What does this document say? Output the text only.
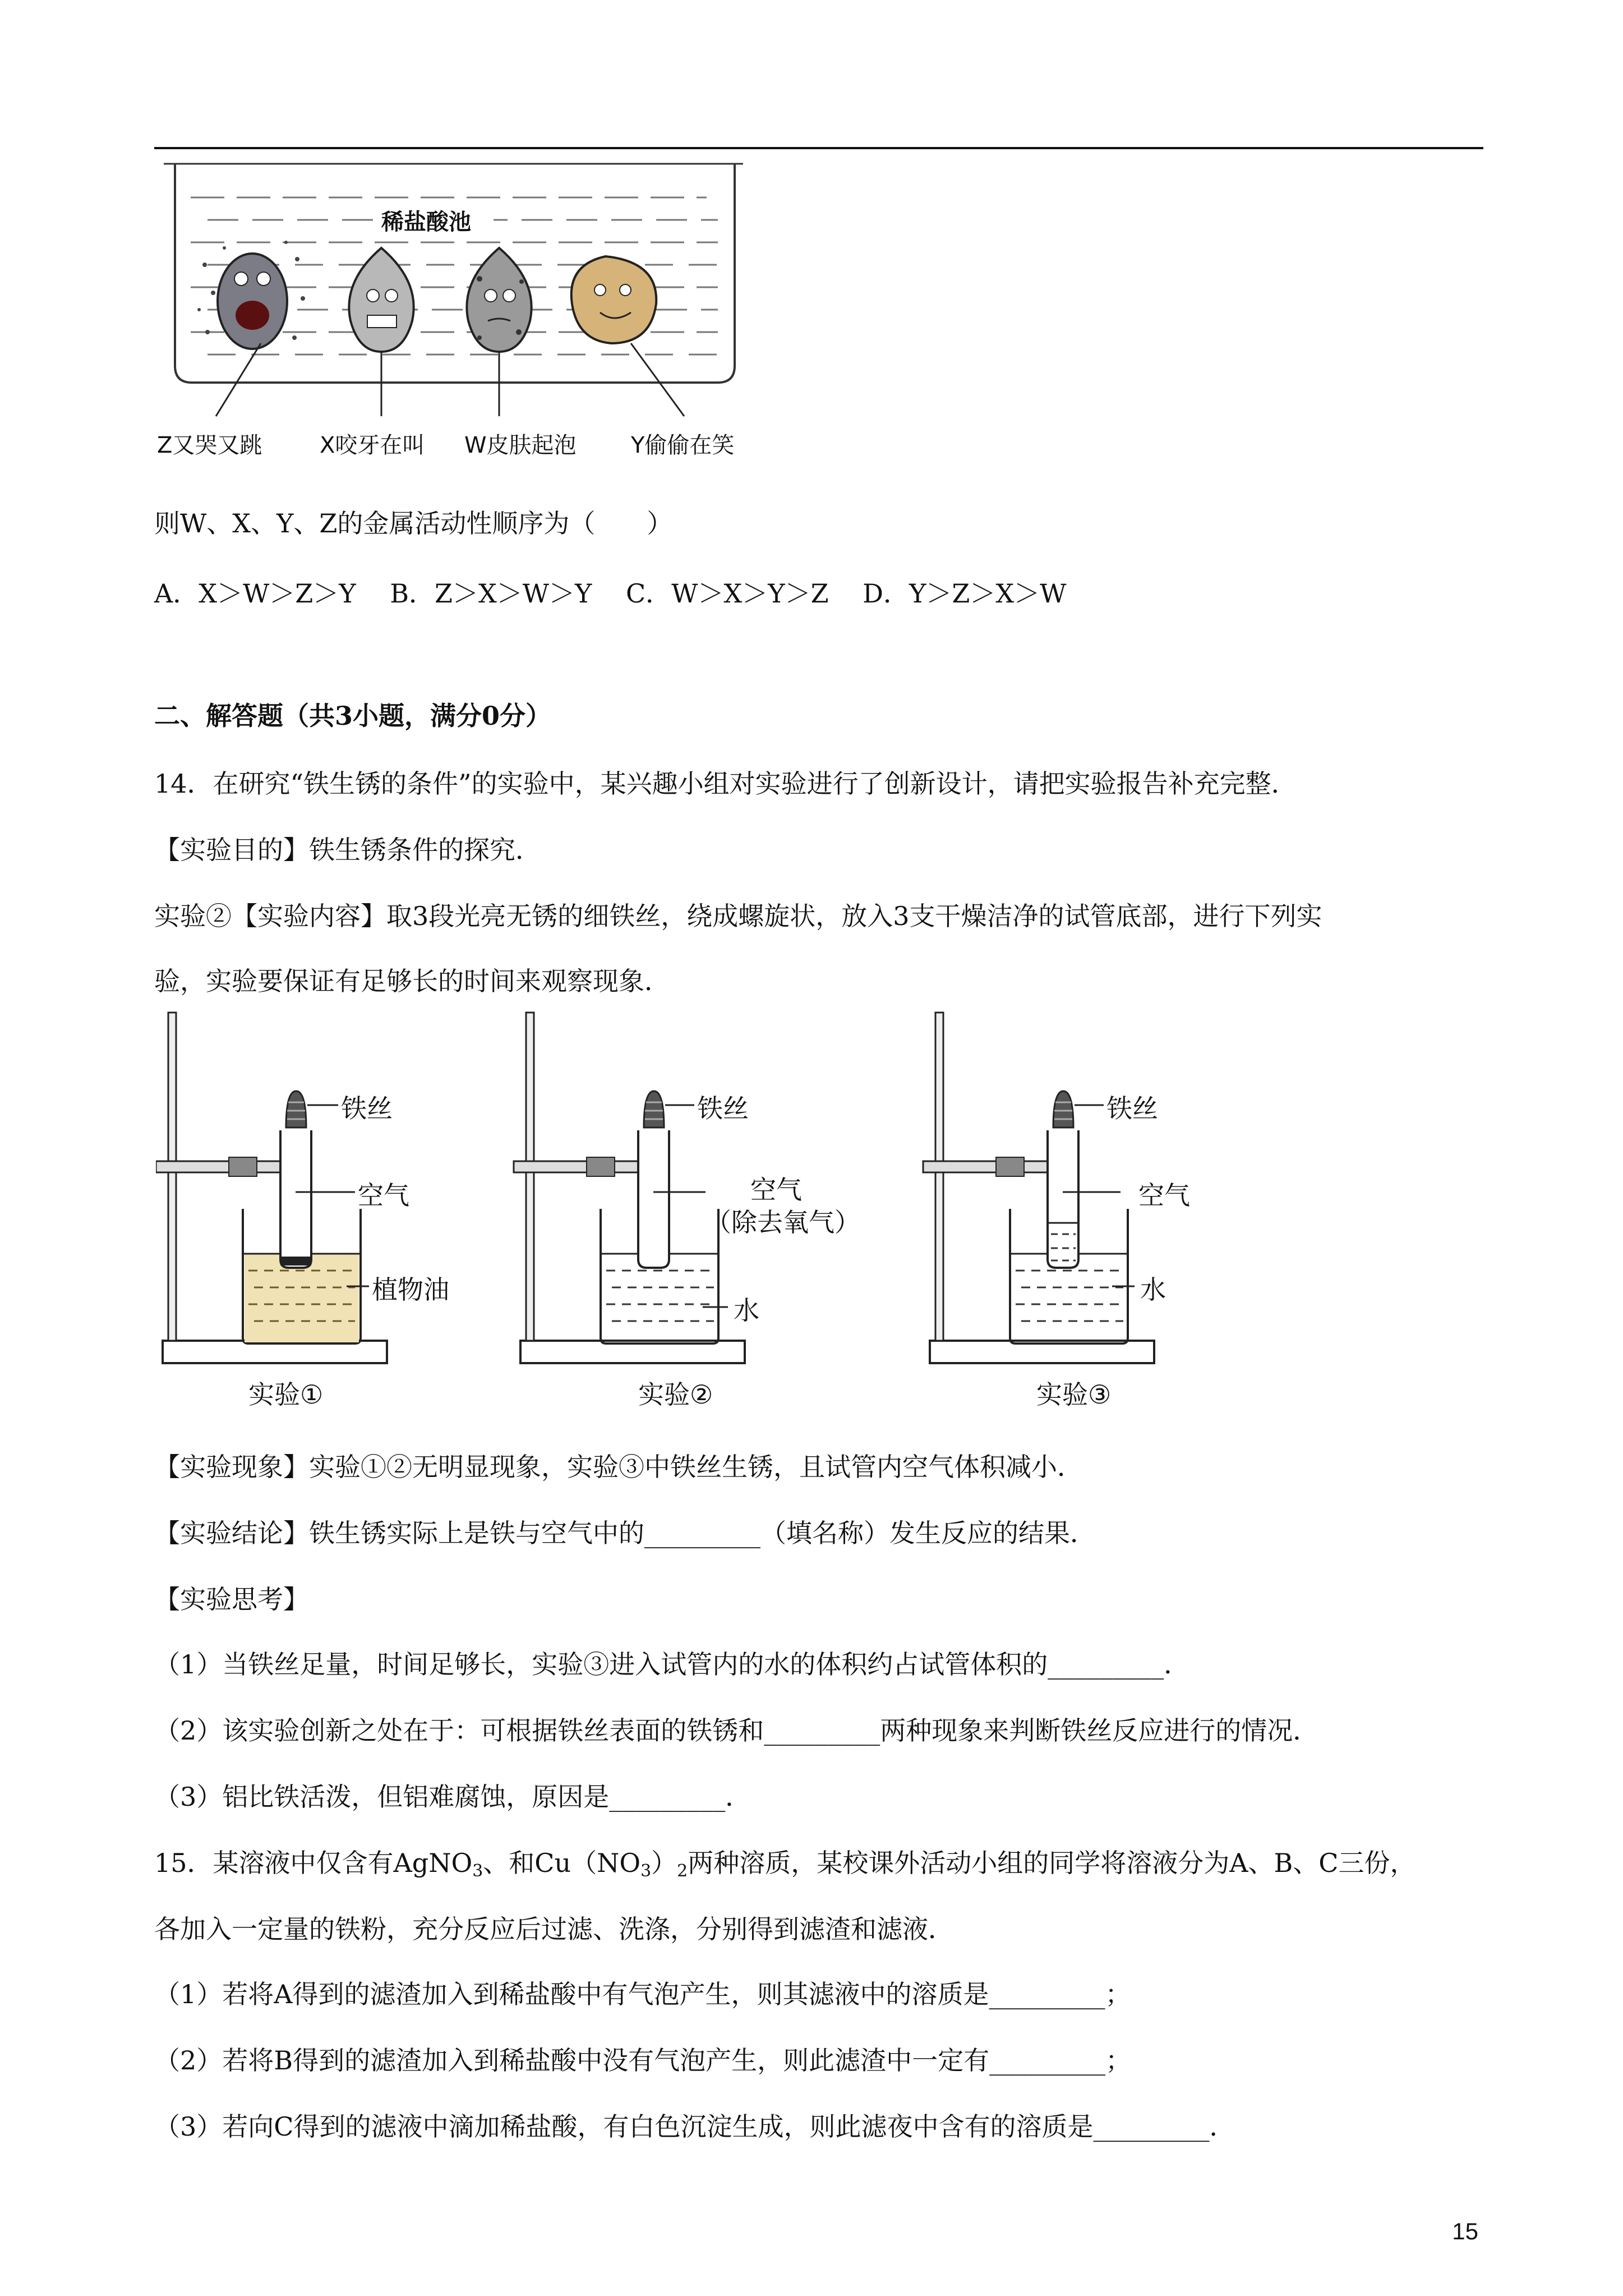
稀盐酸池
Z又哭又跳	X咬牙在叫 W皮肤起泡 Y偷偷在笑
则W、X、Y、Z的金属活动性顺序为（　　）
A．X＞W＞Z＞Y　 B．Z＞X＞W＞Y　 C．W＞X＞Y＞Z　 D．Y＞Z＞X＞W
二、解答题（共3小题，满分0分）
14．在研究“铁生锈的条件”的实验中，某兴趣小组对实验进行了创新设计，请把实验报告补充完整．
【实验目的】铁生锈条件的探究．
实验②【实验内容】取3段光亮无锈的细铁丝，绕成螺旋状，放入3支干燥洁净的试管底部，进行下列实
验，实验要保证有足够长的时间来观察现象．
铁丝
空气
植物油
实验①
铁丝
空气
（除去氧气）
水
实验②
铁丝
空气
水
实验③
【实验现象】实验①②无明显现象，实验③中铁丝生锈，且试管内空气体积减小．
【实验结论】铁生锈实际上是铁与空气中的_________（填名称）发生反应的结果．
【实验思考】
（1）当铁丝足量，时间足够长，实验③进入试管内的水的体积约占试管体积的_________．
（2）该实验创新之处在于：可根据铁丝表面的铁锈和_________两种现象来判断铁丝反应进行的情况．
（3）铝比铁活泼，但铝难腐蚀，原因是_________．
15．某溶液中仅含有AgNO$_3$、和$Cu(NO_3)_2$两种溶质，某校课外活动小组的同学将溶液分为A、B、C三份，
各加入一定量的铁粉，充分反应后过滤、洗涤，分别得到滤渣和滤液．
（1）若将A得到的滤渣加入到稀盐酸中有气泡产生，则其滤液中的溶质是_________；
（2）若将B得到的滤渣加入到稀盐酸中没有气泡产生，则此滤渣中一定有_________；
（3）若向C得到的滤液中滴加稀盐酸，有白色沉淀生成，则此滤夜中含有的溶质是_________．
15
